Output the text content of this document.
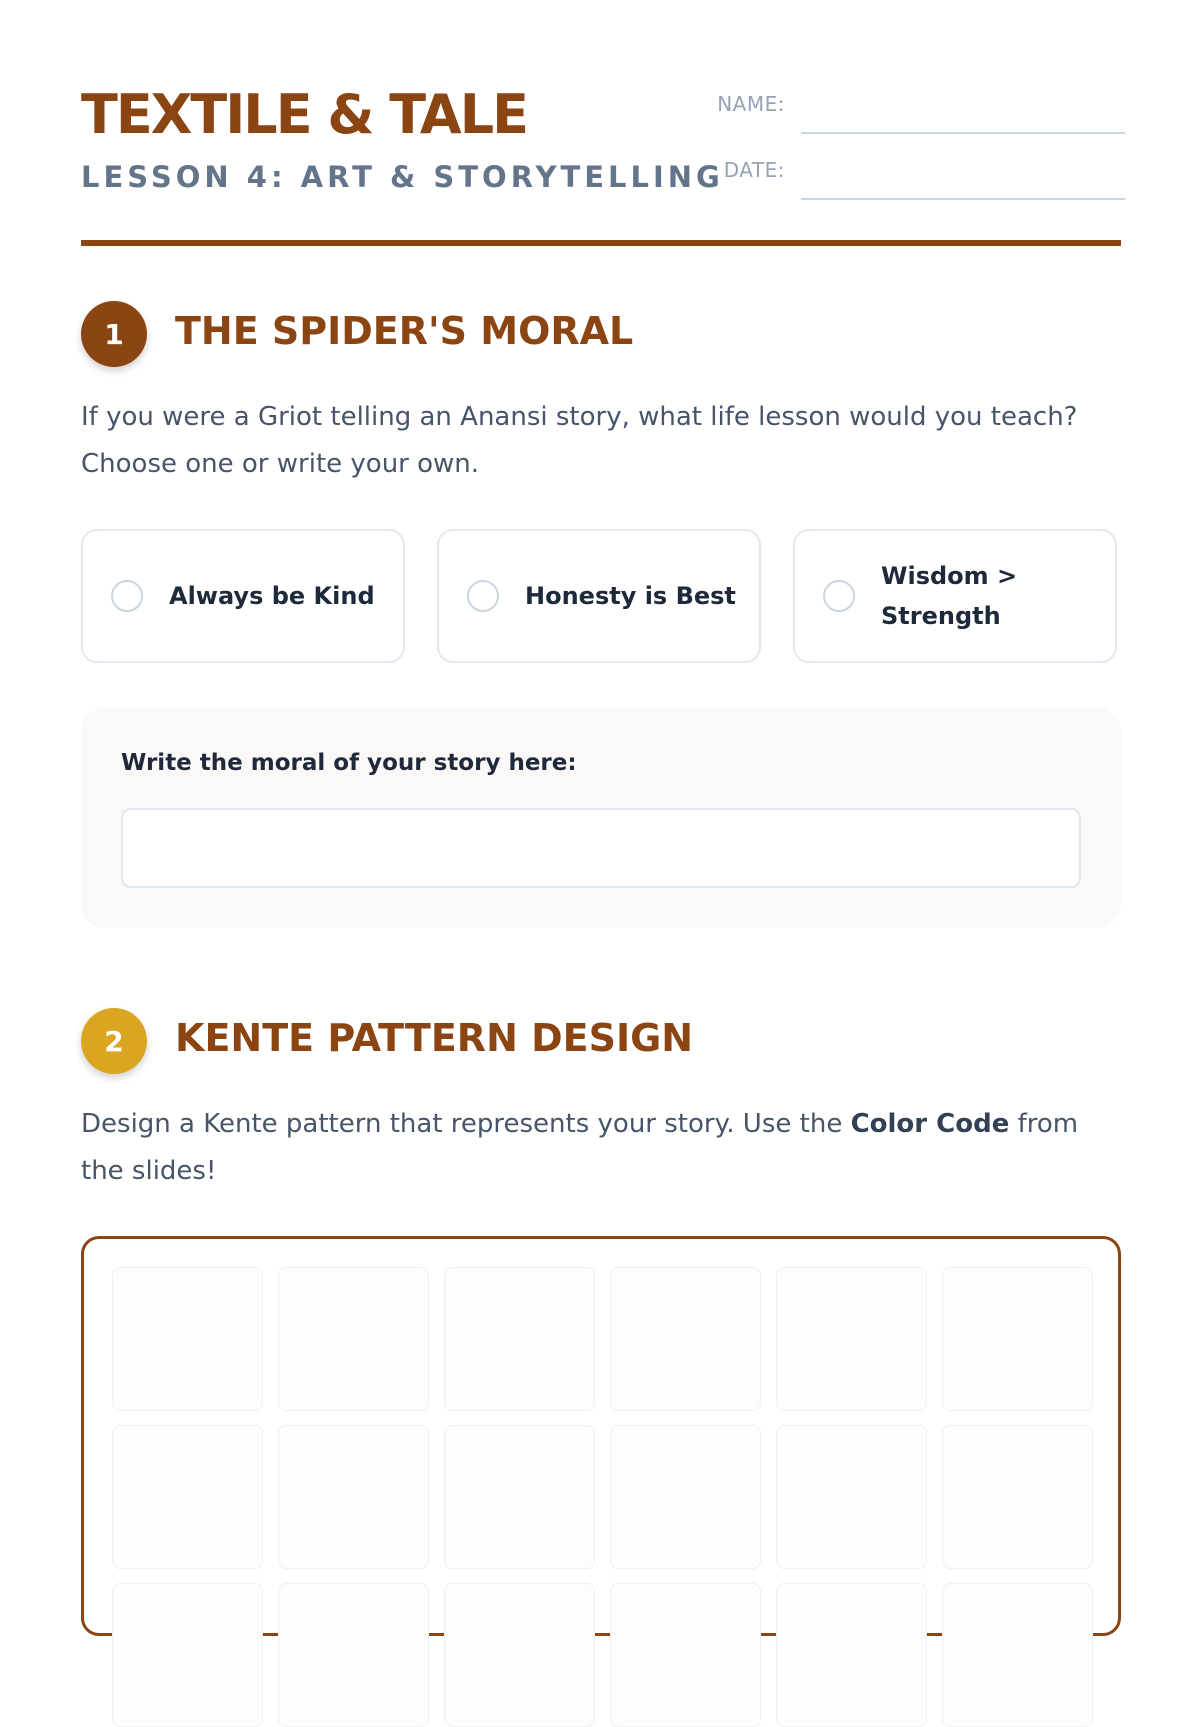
TEXTILE & TALE
LESSON 4: ART & STORYTELLING
NAME:
DATE:
1	THE SPIDER'S MORAL
If you were a Griot telling an Anansi story, what life lesson would you teach? Choose one or write your own.
Always be Kind	Honesty is Best
Wisdom > Strength
Write the moral of your story here:
2	KENTE PATTERN DESIGN
Design a Kente pattern that represents your story. Use the Color Code from the slides!
